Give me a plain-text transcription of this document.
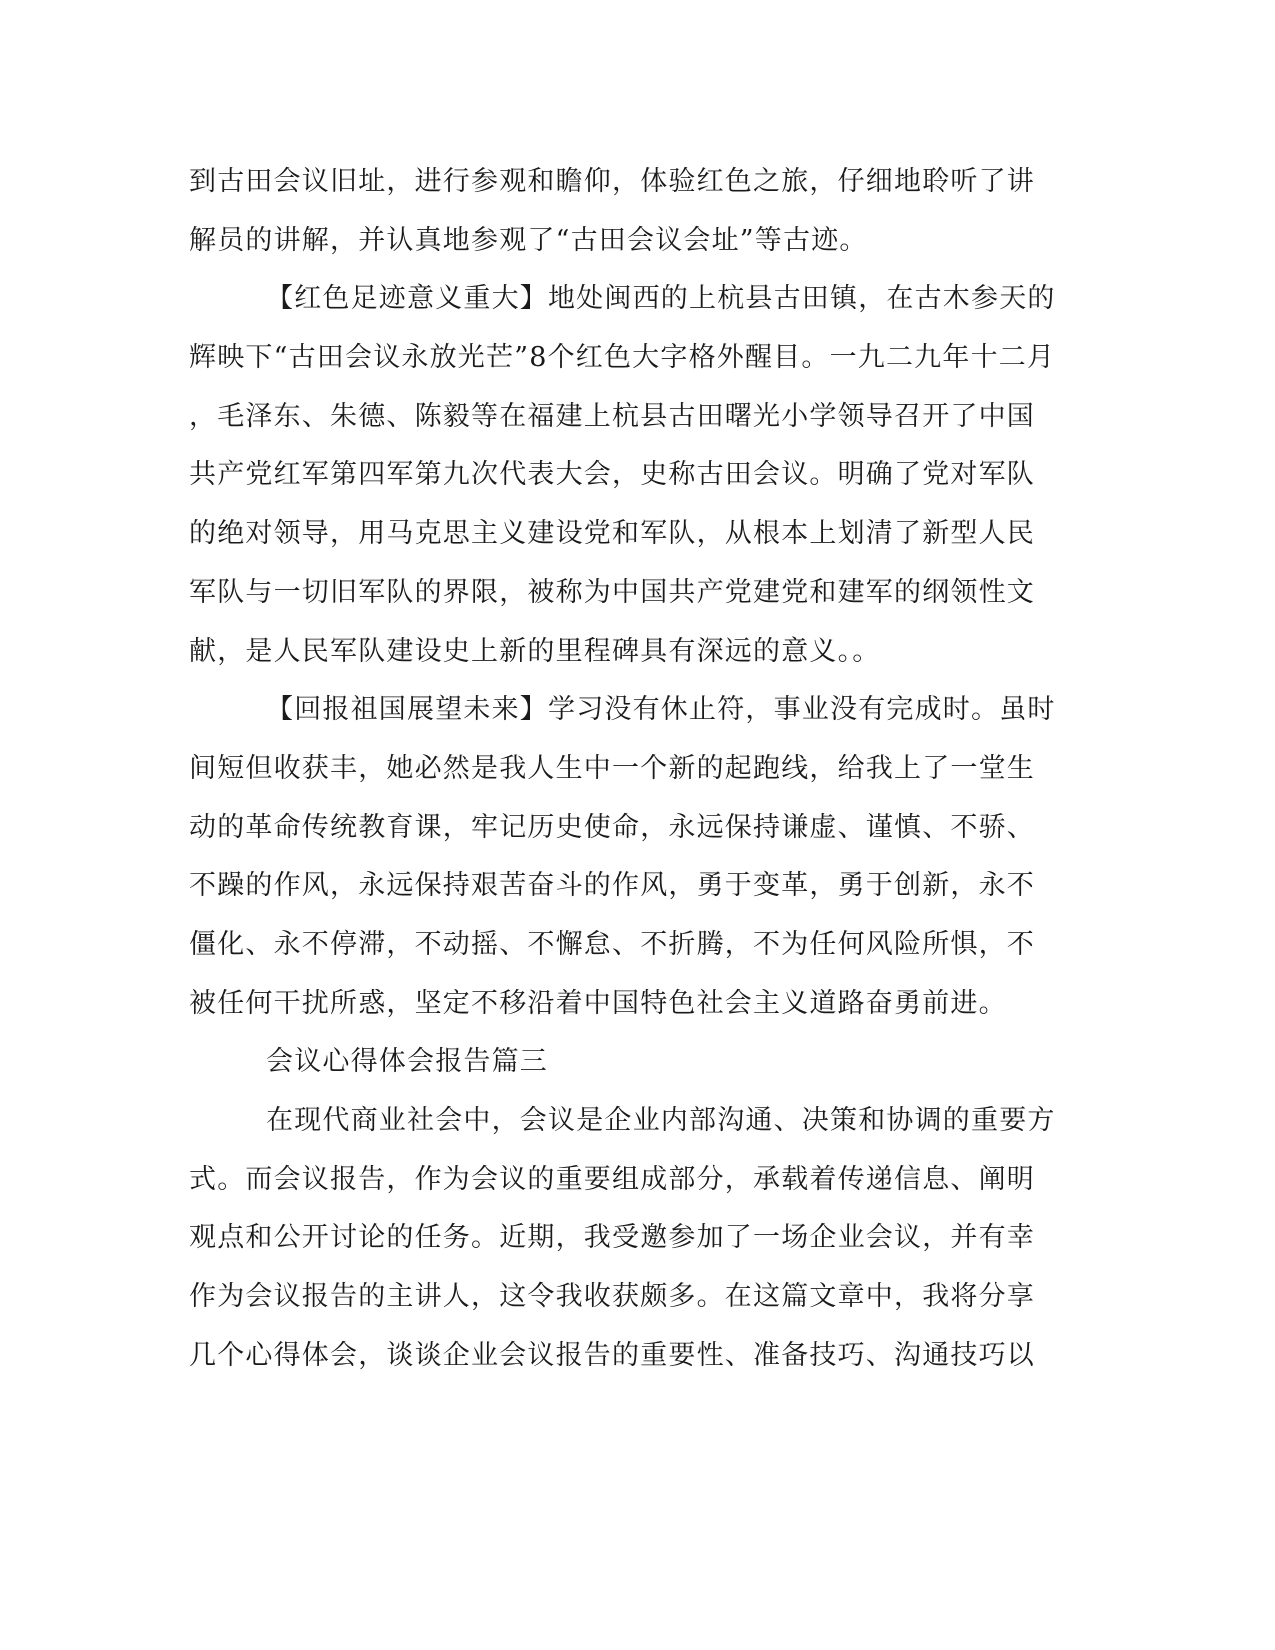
到古田会议旧址，进行参观和瞻仰，体验红色之旅，仔细地聆听了讲
解员的讲解，并认真地参观了“古田会议会址”等古迹。
【红色足迹意义重大】地处闽西的上杭县古田镇，在古木参天的
辉映下“古田会议永放光芒”8个红色大字格外醒目。一九二九年十二月
，毛泽东、朱德、陈毅等在福建上杭县古田曙光小学领导召开了中国
共产党红军第四军第九次代表大会，史称古田会议。明确了党对军队
的绝对领导，用马克思主义建设党和军队，从根本上划清了新型人民
军队与一切旧军队的界限，被称为中国共产党建党和建军的纲领性文
献，是人民军队建设史上新的里程碑具有深远的意义。。
【回报祖国展望未来】学习没有休止符，事业没有完成时。虽时
间短但收获丰，她必然是我人生中一个新的起跑线，给我上了一堂生
动的革命传统教育课，牢记历史使命，永远保持谦虚、谨慎、不骄、
不躁的作风，永远保持艰苦奋斗的作风，勇于变革，勇于创新，永不
僵化、永不停滞，不动摇、不懈怠、不折腾，不为任何风险所惧，不
被任何干扰所惑，坚定不移沿着中国特色社会主义道路奋勇前进。
会议心得体会报告篇三
在现代商业社会中，会议是企业内部沟通、决策和协调的重要方
式。而会议报告，作为会议的重要组成部分，承载着传递信息、阐明
观点和公开讨论的任务。近期，我受邀参加了一场企业会议，并有幸
作为会议报告的主讲人，这令我收获颇多。在这篇文章中，我将分享
几个心得体会，谈谈企业会议报告的重要性、准备技巧、沟通技巧以
